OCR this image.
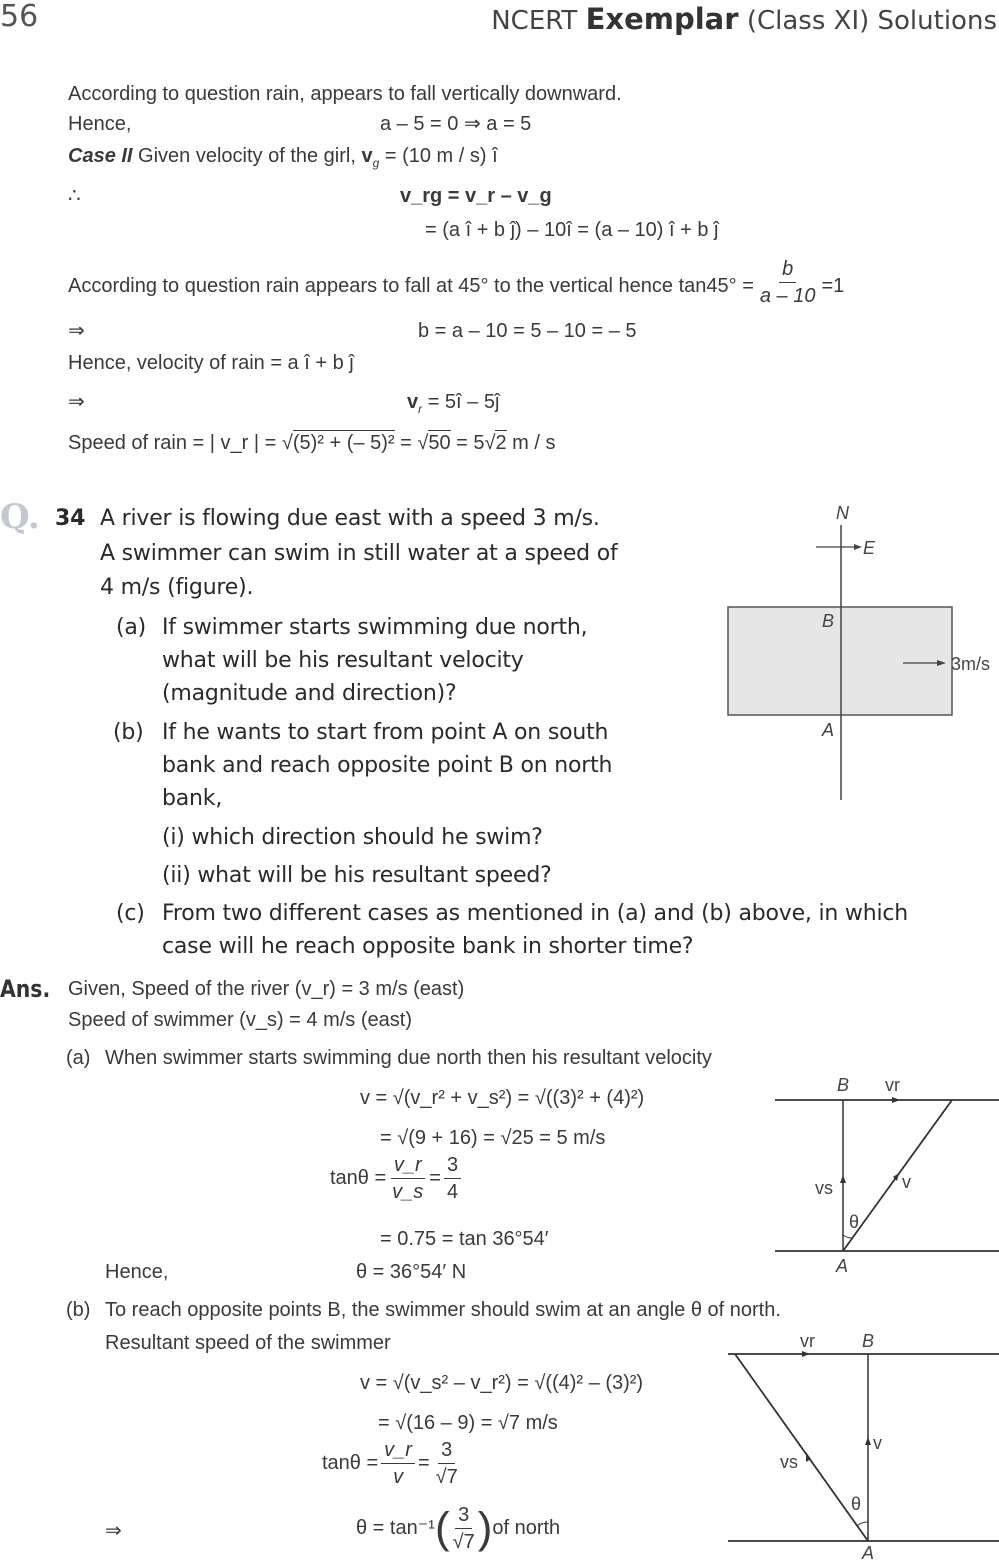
56	NCERT Exemplar (Class XI) Solutions
According to question rain, appears to fall vertically downward.
Hence,	a – 5 = 0 ⇒ a = 5
Case II Given velocity of the girl, $v_g = (10$ m / s) î
∴	v_rg = v_r – v_g
= (a î + b ĵ) – 10î = (a – 10) î + b ĵ
According to question rain appears to fall at 45° to the vertical hence $\tan 45^\circ = \frac{b}{a - 10} =1$
⇒	b = a – 10 = 5 – 10 = – 5
Hence, velocity of rain = a î + b ĵ
⇒	$v_r$ = 5î – 5ĵ
Speed of rain = | v_r | = √(5)² + (– 5)² = √50 = 5√2 m / s
Q. 34 A river is flowing due east with a speed 3 m/s.
A swimmer can swim in still water at a speed of
4 m/s (figure).
(a) If swimmer starts swimming due north,
what will be his resultant velocity
(magnitude and direction)?
(b) If he wants to start from point A on south
bank and reach opposite point B on north
bank,
(i) which direction should he swim?
(ii) what will be his resultant speed?
(c) From two different cases as mentioned in (a) and (b) above, in which
case will he reach opposite bank in shorter time?
N
E
B
A
3m/s
Ans. Given, Speed of the river (v_r) = 3 m/s (east)
Speed of swimmer (v_s) = 4 m/s (east)
(a) When swimmer starts swimming due north then his resultant velocity
v = √(v_r² + v_s²) = √((3)² + (4)²)
= √(9 + 16) = √25 = 5 m/s
$\tan\theta = \frac{v\_r}{v\_s} = \frac{3}{4}$
= 0.75 = tan 36°54′
Hence,	θ = 36°54′ N
B vr
vs	v
θ
A
(b) To reach opposite points B, the swimmer should swim at an angle θ of north.
Resultant speed of the swimmer
v = √(v_s² – v_r²) = √((4)² – (3)²)
= √(16 – 9) = √7 m/s
$\tan\theta = \frac{v\_r}{v} = \frac{3}{√7}$
⇒	$\theta = \tan^{-1}( \frac{3}{√7} )of$ north
vr	B
v
vs
θ
A
